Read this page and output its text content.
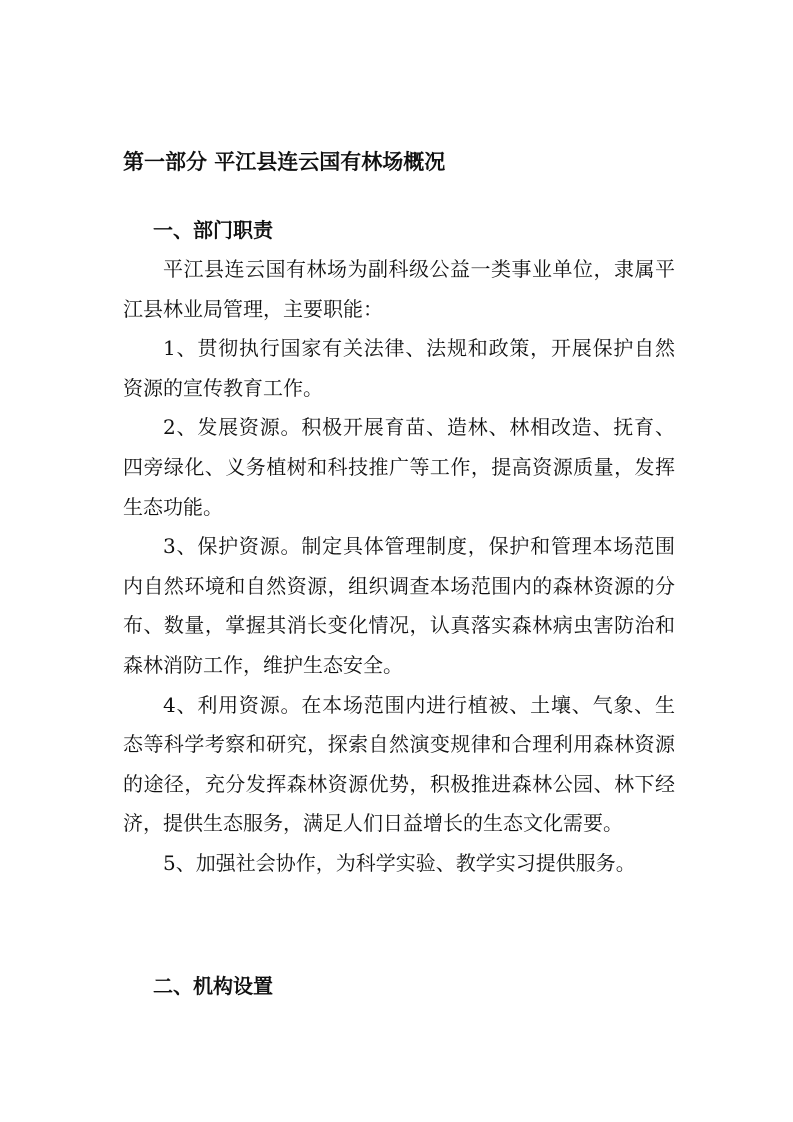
第一部分 平江县连云国有林场概况
一、部门职责

平江县连云国有林场为副科级公益一类事业单位，隶属平江县林业局管理，主要职能：

1、贯彻执行国家有关法律、法规和政策，开展保护自然资源的宣传教育工作。

2、发展资源。积极开展育苗、造林、林相改造、抚育、四旁绿化、义务植树和科技推广等工作，提高资源质量，发挥生态功能。

3、保护资源。制定具体管理制度，保护和管理本场范围内自然环境和自然资源，组织调查本场范围内的森林资源的分布、数量，掌握其消长变化情况，认真落实森林病虫害防治和森林消防工作，维护生态安全。

4、利用资源。在本场范围内进行植被、土壤、气象、生态等科学考察和研究，探索自然演变规律和合理利用森林资源的途径，充分发挥森林资源优势，积极推进森林公园、林下经济，提供生态服务，满足人们日益增长的生态文化需要。

5、加强社会协作，为科学实验、教学实习提供服务。

二、机构设置
